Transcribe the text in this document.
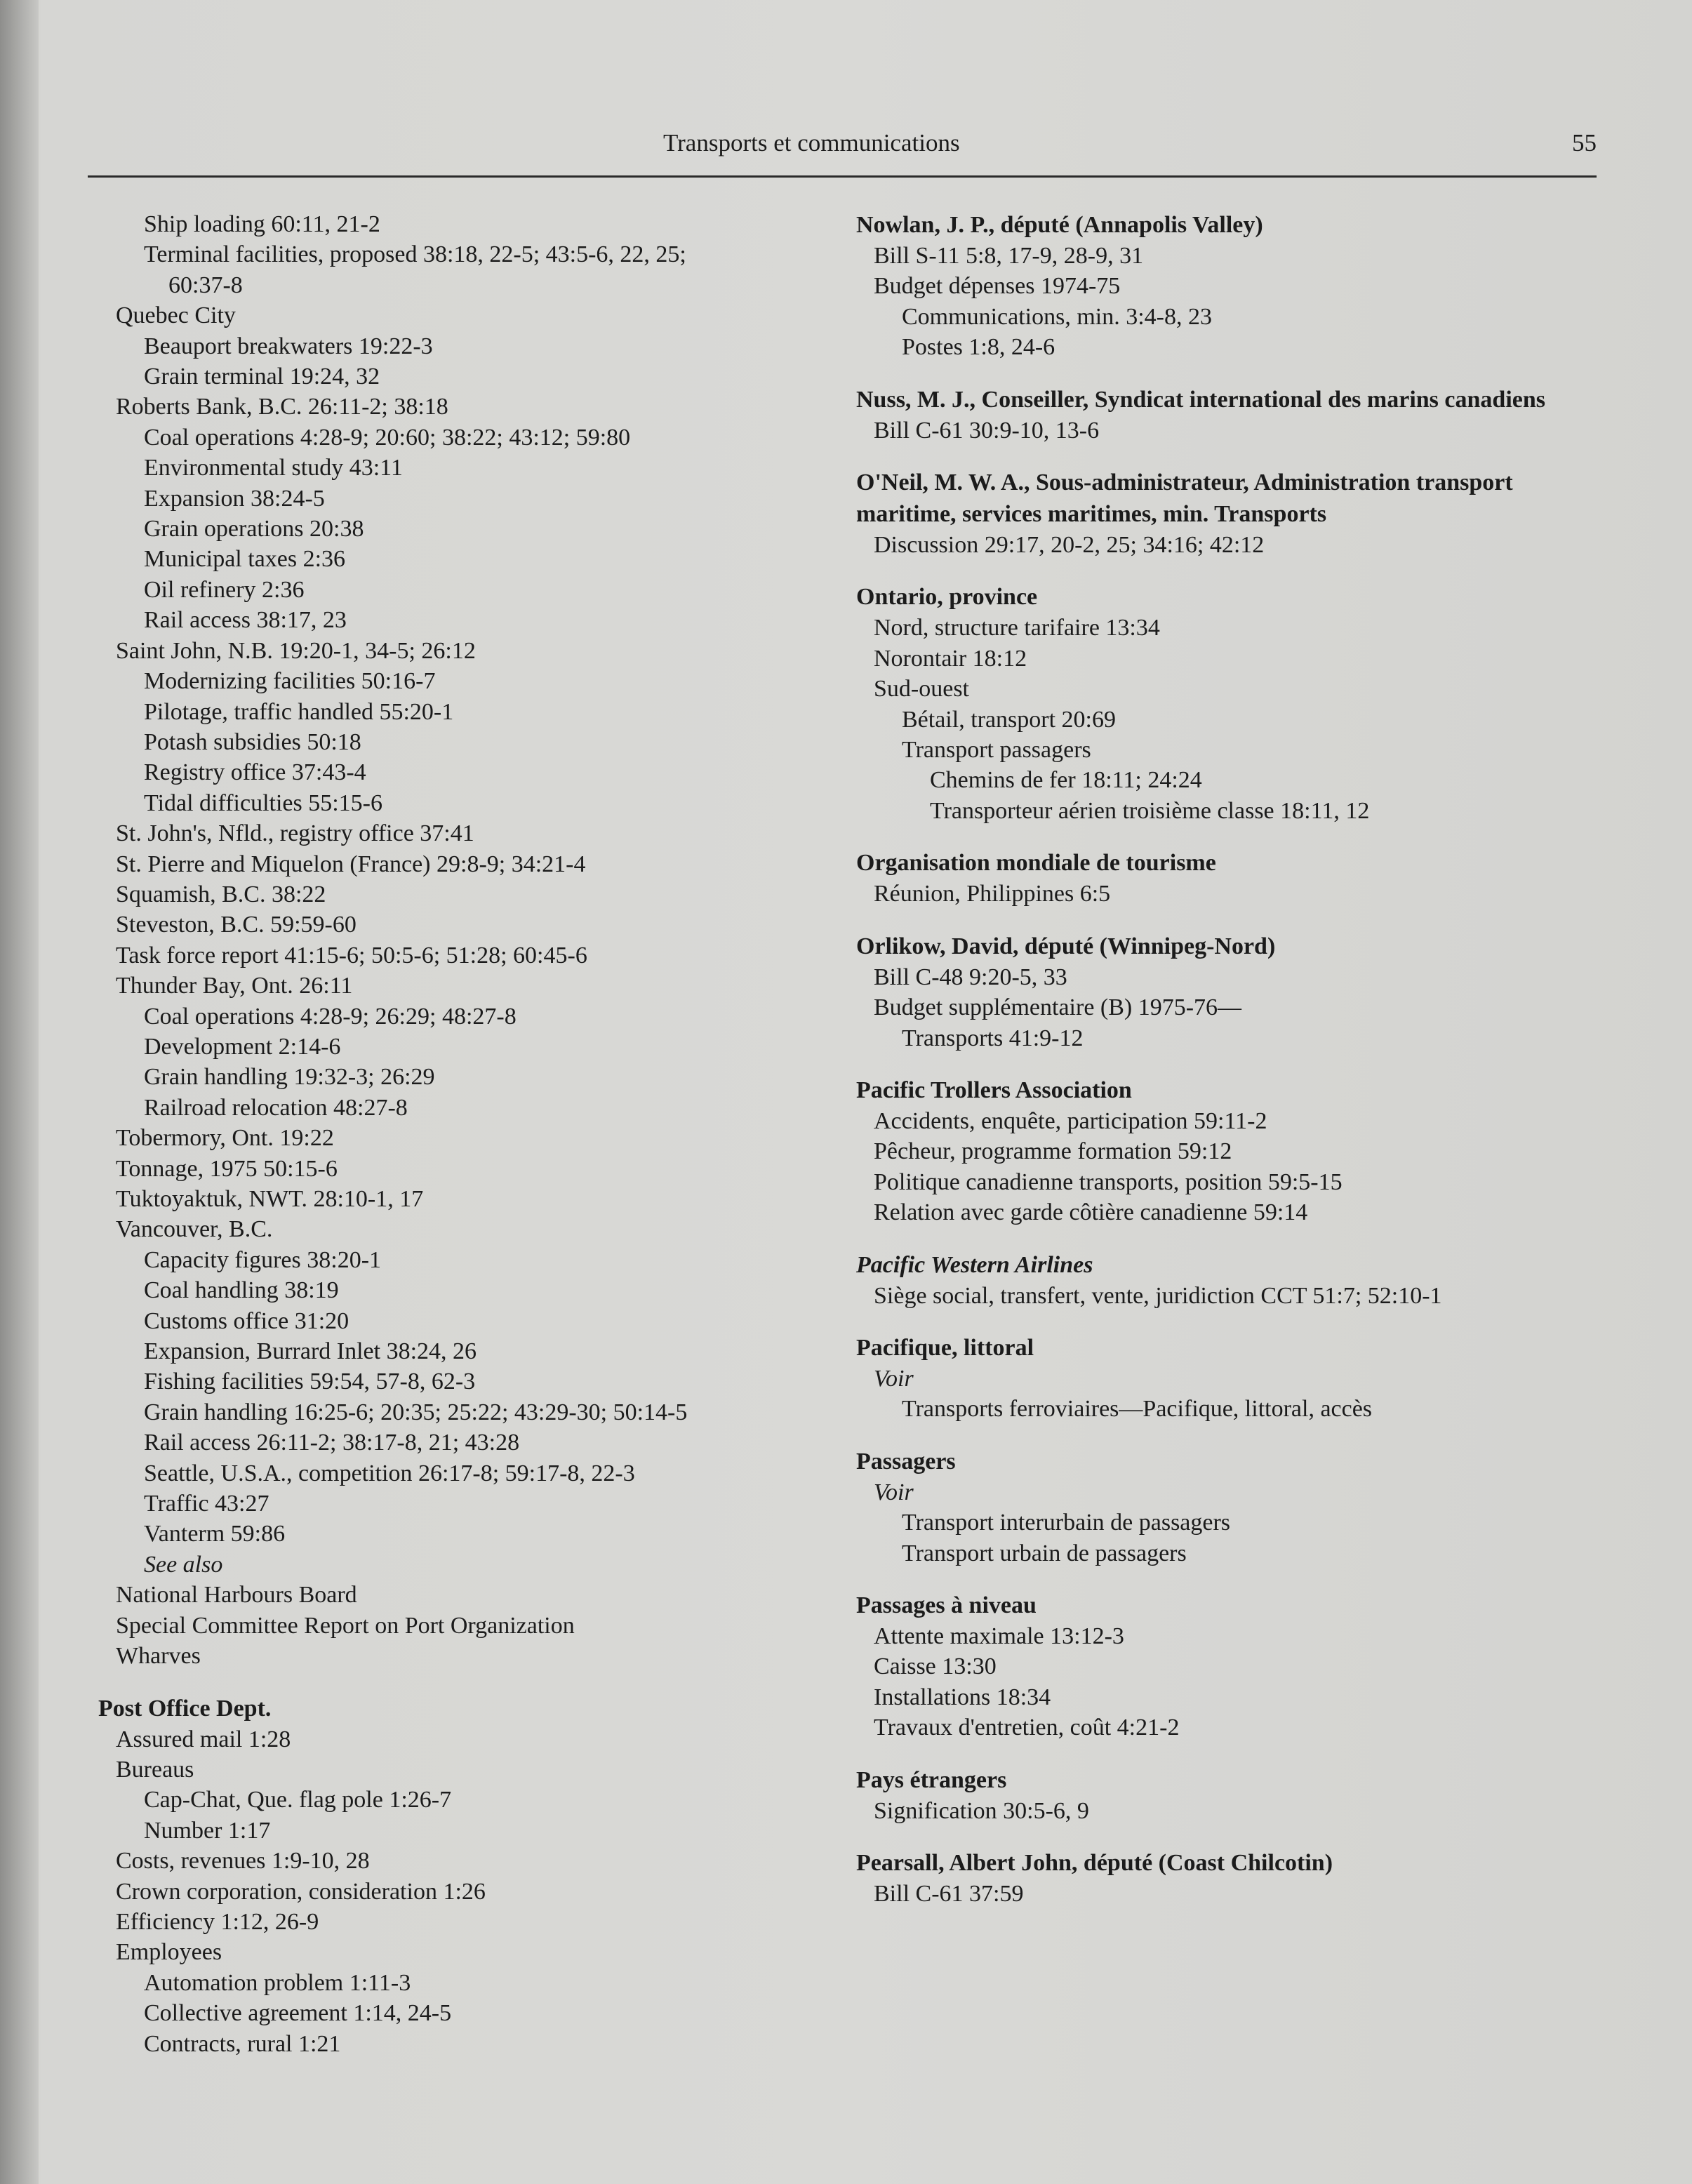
Transports et communications	55
Ship loading 60:11, 21-2
Terminal facilities, proposed 38:18, 22-5; 43:5-6, 22, 25;
60:37-8
Quebec City
Beauport breakwaters 19:22-3
Grain terminal 19:24, 32
Roberts Bank, B.C. 26:11-2; 38:18
Coal operations 4:28-9; 20:60; 38:22; 43:12; 59:80
Environmental study 43:11
Expansion 38:24-5
Grain operations 20:38
Municipal taxes 2:36
Oil refinery 2:36
Rail access 38:17, 23
Saint John, N.B. 19:20-1, 34-5; 26:12
Modernizing facilities 50:16-7
Pilotage, traffic handled 55:20-1
Potash subsidies 50:18
Registry office 37:43-4
Tidal difficulties 55:15-6
St. John's, Nfld., registry office 37:41
St. Pierre and Miquelon (France) 29:8-9; 34:21-4
Squamish, B.C. 38:22
Steveston, B.C. 59:59-60
Task force report 41:15-6; 50:5-6; 51:28; 60:45-6
Thunder Bay, Ont. 26:11
Coal operations 4:28-9; 26:29; 48:27-8
Development 2:14-6
Grain handling 19:32-3; 26:29
Railroad relocation 48:27-8
Tobermory, Ont. 19:22
Tonnage, 1975 50:15-6
Tuktoyaktuk, NWT. 28:10-1, 17
Vancouver, B.C.
Capacity figures 38:20-1
Coal handling 38:19
Customs office 31:20
Expansion, Burrard Inlet 38:24, 26
Fishing facilities 59:54, 57-8, 62-3
Grain handling 16:25-6; 20:35; 25:22; 43:29-30; 50:14-5
Rail access 26:11-2; 38:17-8, 21; 43:28
Seattle, U.S.A., competition 26:17-8; 59:17-8, 22-3
Traffic 43:27
Vanterm 59:86
See also
National Harbours Board
Special Committee Report on Port Organization
Wharves
Post Office Dept.
Assured mail 1:28
Bureaus
Cap-Chat, Que. flag pole 1:26-7
Number 1:17
Costs, revenues 1:9-10, 28
Crown corporation, consideration 1:26
Efficiency 1:12, 26-9
Employees
Automation problem 1:11-3
Collective agreement 1:14, 24-5
Contracts, rural 1:21
Nowlan, J. P., député (Annapolis Valley)
Bill S-11 5:8, 17-9, 28-9, 31
Budget dépenses 1974-75
Communications, min. 3:4-8, 23
Postes 1:8, 24-6
Nuss, M. J., Conseiller, Syndicat international des marins canadiens
Bill C-61 30:9-10, 13-6
O'Neil, M. W. A., Sous-administrateur, Administration transport maritime, services maritimes, min. Transports
Discussion 29:17, 20-2, 25; 34:16; 42:12
Ontario, province
Nord, structure tarifaire 13:34
Norontair 18:12
Sud-ouest
Bétail, transport 20:69
Transport passagers
Chemins de fer 18:11; 24:24
Transporteur aérien troisième classe 18:11, 12
Organisation mondiale de tourisme
Réunion, Philippines 6:5
Orlikow, David, député (Winnipeg-Nord)
Bill C-48 9:20-5, 33
Budget supplémentaire (B) 1975-76—
Transports 41:9-12
Pacific Trollers Association
Accidents, enquête, participation 59:11-2
Pêcheur, programme formation 59:12
Politique canadienne transports, position 59:5-15
Relation avec garde côtière canadienne 59:14
Pacific Western Airlines
Siège social, transfert, vente, juridiction CCT 51:7; 52:10-1
Pacifique, littoral
Voir
Transports ferroviaires—Pacifique, littoral, accès
Passagers
Voir
Transport interurbain de passagers
Transport urbain de passagers
Passages à niveau
Attente maximale 13:12-3
Caisse 13:30
Installations 18:34
Travaux d'entretien, coût 4:21-2
Pays étrangers
Signification 30:5-6, 9
Pearsall, Albert John, député (Coast Chilcotin)
Bill C-61 37:59
